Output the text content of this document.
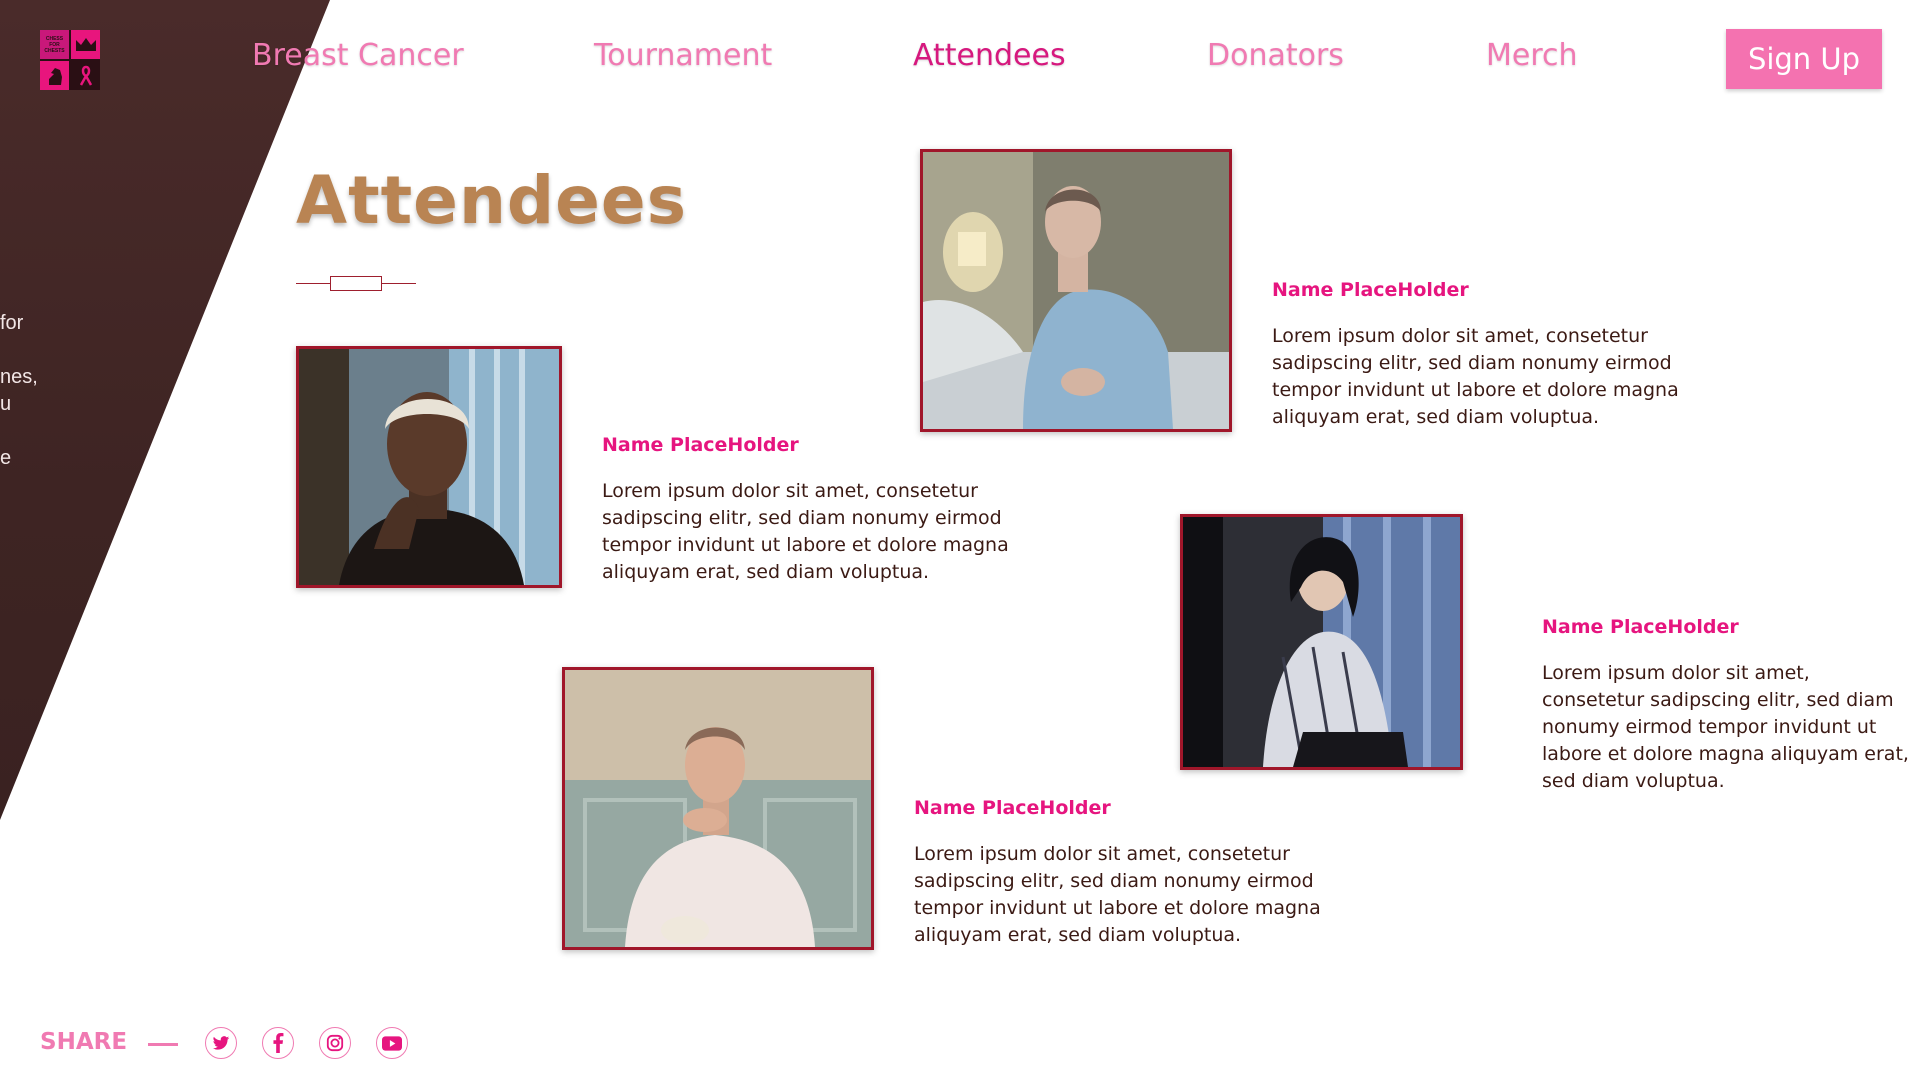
for
nes,
u
e
CHESS FOR CHESTS	Breast Cancer	Tournament	Attendees	Donators	Merch	Sign Up
Attendees
Name PlaceHolder

Lorem ipsum dolor sit amet, consetetur sadipscing elitr, sed diam nonumy eirmod tempor invidunt ut labore et dolore magna aliquyam erat, sed diam voluptua.

Name PlaceHolder

Lorem ipsum dolor sit amet, consetetur sadipscing elitr, sed diam nonumy eirmod tempor invidunt ut labore et dolore magna aliquyam erat, sed diam voluptua.

Name PlaceHolder

Lorem ipsum dolor sit amet, consetetur sadipscing elitr, sed diam nonumy eirmod tempor invidunt ut labore et dolore magna aliquyam erat, sed diam voluptua.

Name PlaceHolder

Lorem ipsum dolor sit amet, consetetur sadipscing elitr, sed diam nonumy eirmod tempor invidunt ut labore et dolore magna aliquyam erat, sed diam voluptua.

SHARE
